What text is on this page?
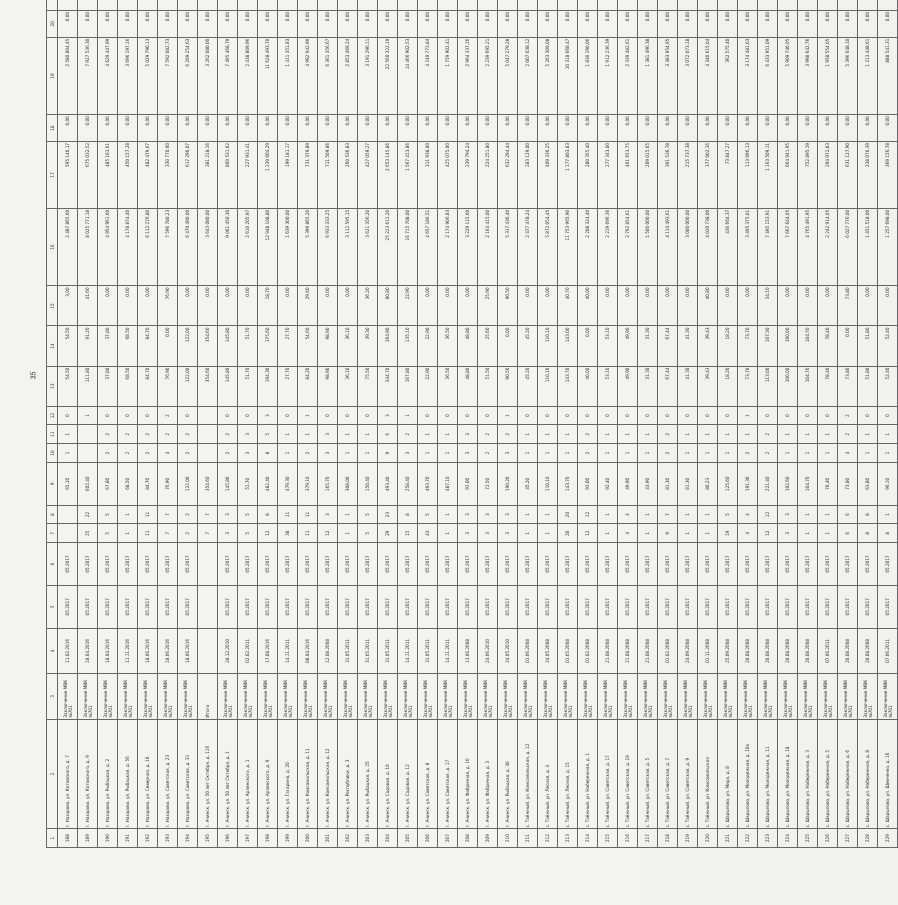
35
1	2	3	4	5	6	7	8	9	10	11	12	13	14	15	16	17	18	19	20	
188	г. Назарово, ул. Котовского, д. 7	Заключение МВК №701	11.02.2016	05.2017	05.2017			65,10	1	1	0	54,50	54,50	3,00	2 487 865,60	595 140,17	0,00	2 580 804,45	0,00	
189	г. Назарово, ул. Котовского, д. 9	Заключение МВК №701	18.04.2016	05.2017	05.2017	25	22	602,40			1	111,80	91,20	41,60	8 025 771,18	675 032,52	0,00	7 927 536,30	0,00	
190	г. Назарово, ул. Рыбацкая, д. 2	Заключение МВК №701	18.04.2016	05.2017	05.2017	5	5	67,80	2	2	0	37,80	37,80	0,00	4 954 961,60	485 163,61	0,00	4 629 447,99	0,00	
191	г. Назарово, ул. Рыбацкая, д. 56	Заключение МВК №701	11.11.2016	05.2017	05.2017	1	1	68,50	2	2	0	68,50	68,50	0,00	4 178 874,40	450 157,28	0,00	3 696 197,16	0,00	
192	г. Назарово, ул. Северная, д. 10	Заключение МВК №701	18.06.2016	05.2017	05.2017	11	11	84,70	2	2	0	84,70	84,70	0,00	6 112 276,80	482 479,67	0,00	5 029 790,13	0,00	
193	г. Назарово, ул. Советская, д. 23	Заключение МВК №701	18.06.2016	05.2017	05.2017	7	7	76,90	4	2	2	76,90	0,00	76,90	7 596 780,23	330 770,60	0,00	7 592 082,73	0,00	
194	г. Назарово, ул. Советская, д. 31	Заключение МВК №701	18.06.2016	05.2017	05.2017	2	2	122,00	2	2	0	122,00	122,00	0,00	6 470 490,00	617 296,07	0,00	6 269 254,63	0,00	
195	г. Ачинск, ул. 50 лет Октября, д. 116	Итого				7	7	354,60				354,60	354,60	0,00	3 643 080,00	381 218,16	0,00	3 262 080,00	0,00	
196	г. Ачинск, ул. 50 лет Октября, д. 1	Заключение МВК №701	28.12.2010	05.2017	05.2017	3	3	145,80	2	2	0	145,80	145,80	0,00	9 061 450,30	860 531,02	0,00	7 495 468,79	0,00	
197	г. Ачинск, ул. Арлинского, д. 1	Заключение МВК №701	02.02.2011	05.2017	05.2017	5	5	51,70	3	3	0	51,70	51,70	0,00	2 610 205,97	227 931,41	0,00	2 438 809,96	0,00	
198	г. Ачинск, ул. Арлинского, д. 9	Заключение МВК №701	17.08.2016	05.2017	05.2017	12	8	482,40	8	5	3	194,30	175,60	18,70	12 948 108,80	1 239 604,29	0,00	11 628 493,70	0,00	
199	г. Ачинск, ул. Гагарина, д. 20	Заключение МВК №701	14.11.2011	05.2017	05.2017	38	11	479,30	1	1	0	27,70	27,70	0,00	1 639 300,00	199 181,17	0,00	1 411 351,83	0,00	
200	г. Ачинск, ул. Комсомольская, д. 11	Заключение МВК №701	08.04.2016	05.2017	05.2017	11	11	379,10	2	1	1	84,20	54,60	29,60	5 399 865,20	731 379,89	0,00	4 992 942,90	0,00	
201	г. Ачинск, ул. Комсомольская, д. 12	Заключение МВК №701	12.08.2008	05.2017	05.2017	12	3	165,70	3	3	0	98,90	98,90	0,00	6 933 333,25	711 509,86	0,00	6 361 356,67	0,00	
202	г. Ачинск, ул. Республики, д. 3	Заключение МВК №701	31.05.2011	05.2017	05.2017	1	1	308,00	1	1	0	36,10	36,10	0,00	3 112 595,15	260 536,83	0,00	2 853 469,24	0,00	
203	г. Ачинск, ул. Рыбацкая, д. 25	Заключение МВК №701	31.05.2011	05.2017	05.2017	5	5	150,40	1	1	0	75,50	39,30	36,20	3 621 356,20	427 059,27	0,00	3 191 296,11	0,00	
204	г. Ачинск, ул. Садовая, д. 10	Заключение МВК №701	31.05.2011	05.2017	05.2017	29	23	493,40	9	6	3	344,70	264,90	80,80	25 223 612,20	2 653 145,86	0,00	22 560 322,19	0,00	
205	г. Ачинск, ул. Садовая, д. 12	Заключение МВК №701	14.11.2011	05.2017	05.2017	15	8	258,40	3	2	1	167,80	135,10	22,90	16 715 708,00	1 567 413,86	0,00	14 466 902,53	0,00	
206	г. Ачинск, ул. Советская, д. 8	Заключение МВК №701	31.05.2011	05.2017	05.2017	43	5	493,70	1	1	0	22,90	22,90	0,00	4 657 186,51	311 938,00	0,00	4 249 773,84	0,00	
207	г. Ачинск, ул. Советская, д. 17	Заключение МВК №701	14.11.2011	05.2017	05.2017	1	1	487,10	1	1	0	36,50	36,50	0,00	2 174 906,83	425 075,00	0,00	1 759 902,41	0,00	
208	г. Ачинск, ул. Фабричная, д. 10	Заключение МВК №701	13.06.2008	05.2017	05.2017	3	3	97,00	3	3	0	48,80	48,80	0,00	3 229 115,60	239 794,24	0,00	2 964 337,26	0,00	
209	г. Ачинск, ул. Фабричная, д. 3	Заключение МВК №701	24.06.2010	05.2017	05.2017	3	3	72,50	2	2	0	51,50	25,60	25,90	2 164 415,00	224 251,80	0,00	2 239 695,21	0,00	
210	г. Ачинск, ул. Рыбацкая, д. 30	Заключение МВК №701	24.05.2010	05.2017	05.2017	3	3	190,20	3	2	1	90,50	0,00	90,50	5 317 436,40	632 294,44	0,00	5 047 279,28	0,00	
211	с. Таёжный, ул. Комсомольская, д. 12	Заключение МВК №701	01.06.2008	05.2017	05.2017	1	1	45,20	1	1	0	45,20	45,20	0,00	2 477 478,24	183 129,00	0,00	2 007 038,12	0,00	
212	с. Таёжный, ул. Лесная, д. 4	Заключение МВК №701	24.05.2008	05.2017	05.2017	1	1	110,10	1	1	0	110,10	110,10	0,00	5 872 054,45	409 336,25	0,00	5 263 309,08	0,00	
213	с. Таёжный, ул. Лесная, д. 15	Заключение МВК №701	01.05.2008	05.2017	05.2017	20	20	143,70	1	1	0	143,70	143,00	40,70	11 753 965,90	1 177 803,83	0,00	10 318 668,47	0,00	
214	с. Таёжный, ул. Набережная, д. 1	Заключение МВК №701	01.02.2008	05.2017	05.2017	12	12	93,00	2	2	0	40,00	0,00	40,00	2 208 324,40	280 355,40	0,00	1 830 190,06	0,00	
215	с. Таёжный, ул. Советская, д. 17	Заключение МВК №701	21.08.2008	05.2017	05.2017	1	1	92,40	1	1	0	53,10	53,10	0,00	2 219 696,36	277 343,00	0,00	1 912 236,39	0,00	
216	с. Таёжный, ул. Советская, д. 19	Заключение МВК №701	21.08.2008	05.2017	05.2017	4	4	49,90	1	1	0	49,90	49,90	0,00	2 792 854,61	461 653,75	0,00	2 339 482,61	0,00	
217	с. Таёжный, ул. Советская, д. 5	Заключение МВК №701	21.08.2008	05.2017	05.2017	1	1	43,90	1	1	0	31,30	31,30	0,00	1 500 000,00	209 015,65	0,00	1 381 496,38	0,00	
218	с. Таёжный, ул. Советская, д. 7	Заключение МВК №701	01.02.2008	05.2017	05.2017	9	7	81,30	2	2	0	67,44	67,44	0,00	4 114 493,61	361 536,78	0,00	3 383 954,95	0,00	
219	с. Таёжный, ул. Советская, д. 9	Заключение МВК №701	24.09.2008	05.2017	05.2017	1	1	81,30	1	1	0	41,30	41,30	0,00	3 000 000,00	215 737,38	0,00	3 072 073,18	0,00	
220	с. Таёжный, ул. Комсомольская	Заключение МВК №701	01.11.2008	05.2017	05.2017	1	1	80,23	1	1	0	39,43	39,43	40,80	4 020 738,00	377 002,16	0,00	4 340 615,04	0,00	
221	с. Шарыпово, ул. Мира, д. 8	Заключение МВК №701	25.09.2008	05.2017	05.2017	19	5	125,60	1	1	0	18,20	18,20	0,00	436 664,37	73 847,27	0,00	362 575,40	0,00	
222	с. Шарыпово, ул. Молодежная, д. 10а	Заключение МВК №701	20.08.2008	05.2017	05.2017	4	4	191,30	2	1	1	73,70	73,70	0,00	3 495 375,01	113 096,13	0,00	3 174 481,03	0,00	
223	с. Шарыпово, ул. Молодежная, д. 11	Заключение МВК №701	20.08.2008	05.2017	05.2017	12	12	221,40	2	2	0	113,00	107,30	34,10	7 495 153,91	1 163 509,11	0,00	6 433 951,09	0,00	
224	с. Шарыпово, ул. Молодежная, д. 18	Заключение МВК №701	20.08.2008	05.2017	05.2017	3	3	102,60	1	1	0	100,00	100,00	0,00	7 667 644,05	664 941,95	0,00	5 909 746,95	0,00	
225	с. Шарыпово, ул. Набережная, д. 3	Заключение МВК №701	20.08.2008	05.2017	05.2017	1	1	104,70	1	1	0	104,70	104,70	0,00	4 765 491,95	752 895,19	0,00	3 998 642,76	0,00	
226	с. Шарыпово, ул. Набережная, д. 5	Заключение МВК №701	07.06.2011	05.2017	05.2017	1	1	78,40	1	1	0	78,40	78,40	0,00	2 242 914,05	294 972,83	0,00	1 958 554,05	0,00	
227	с. Шарыпово, ул. Набережная, д. 6	Заключение МВК №701	20.08.2008	05.2017	05.2017	6	6	73,80	4	2	2	73,80	0,00	73,80	6 027 776,00	631 127,90	0,00	5 396 648,10	0,00	
228	с. Шарыпово, ул. Набережная, д. 8	Заключение МВК №701	20.08.2008	05.2017	05.2017	8	8	63,80	1	1	0	51,80	51,80	0,00	1 451 518,00	238 070,39	0,00	1 213 448,61	0,00	
229	с. Шарыпово, ул. Шевченко, д. 16	Заключение МВК №701	07.06.2011	05.2017	05.2017	8	1	96,10	1	1	0	52,40	52,40	0,00	1 257 698,00	369 156,78	0,00	888 541,31	0,00	
